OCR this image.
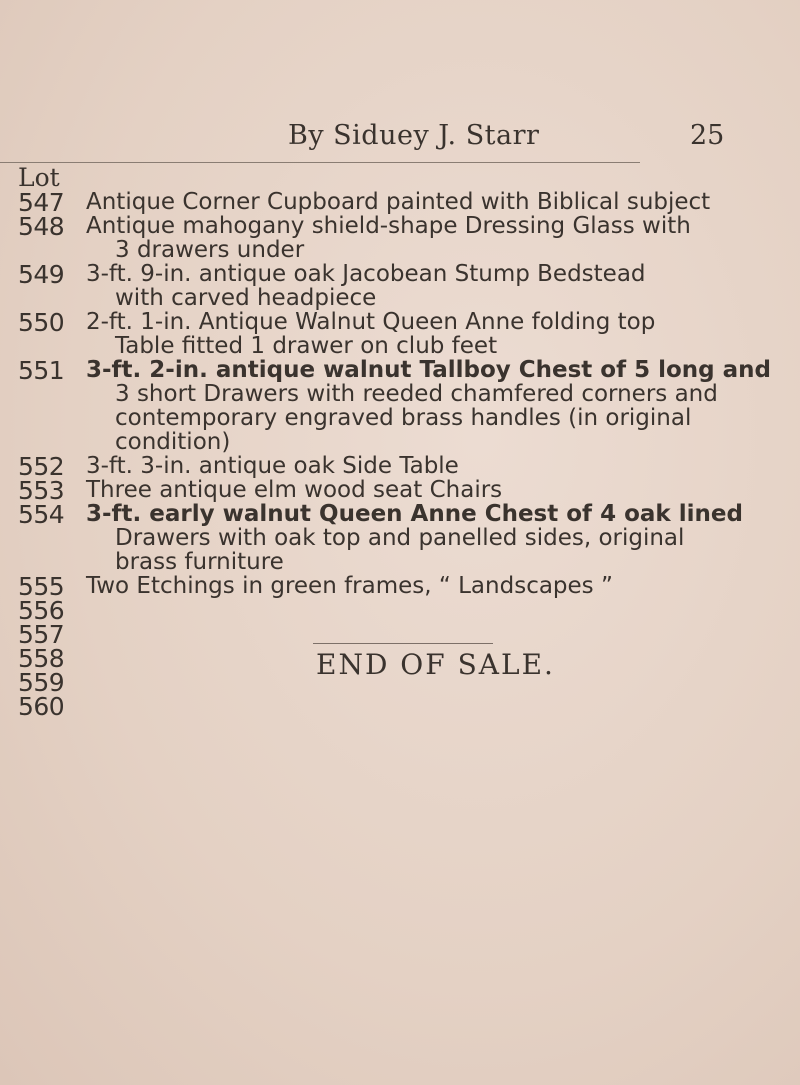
By Siduey J. Starr	25
Lot
547
548
549
550
551
552
553
554
555
556
557
558
559
560
Antique Corner Cupboard painted with Biblical subject
Antique mahogany shield-shape Dressing Glass with
3 drawers under
3-ft. 9-in. antique oak Jacobean Stump Bedstead
with carved headpiece
2-ft. 1-in. Antique Walnut Queen Anne folding top
Table fitted 1 drawer on club feet
3-ft. 2-in. antique walnut Tallboy Chest of 5 long and
3 short Drawers with reeded chamfered corners and
contemporary engraved brass handles (in original
condition)
3-ft. 3-in. antique oak Side Table
Three antique elm wood seat Chairs
3-ft. early walnut Queen Anne Chest of 4 oak lined
Drawers with oak top and panelled sides, original
brass furniture
Two Etchings in green frames, “ Landscapes ”
END OF SALE.
